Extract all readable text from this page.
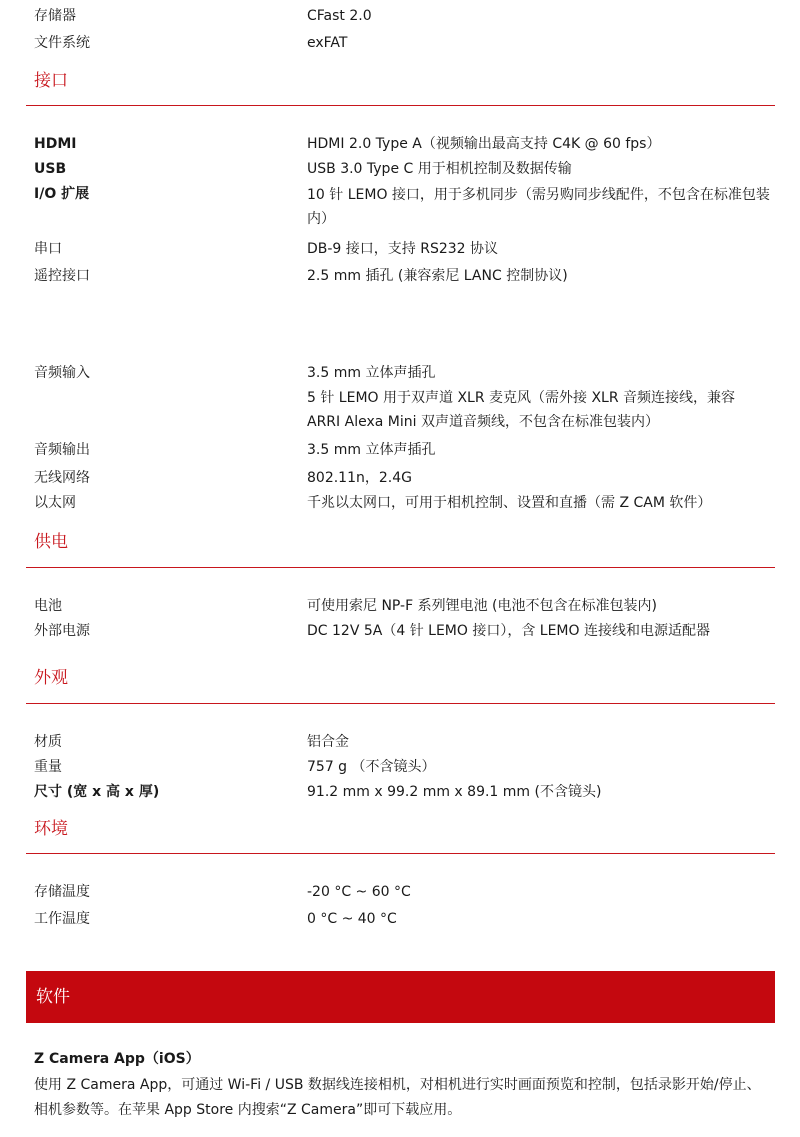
存储器	CFast 2.0
文件系统	exFAT
接口
HDMI	HDMI 2.0 Type A（视频输出最高支持 C4K @ 60 fps）
USB	USB 3.0 Type C 用于相机控制及数据传输
I/O 扩展	10 针 LEMO 接口，用于多机同步（需另购同步线配件，不包含在标准包装内）
串口	DB-9 接口，支持 RS232 协议
遥控接口	2.5 mm 插孔 (兼容索尼 LANC 控制协议)
音频输入	3.5 mm 立体声插孔
5 针 LEMO 用于双声道 XLR 麦克风（需外接 XLR 音频连接线，兼容 ARRI Alexa Mini 双声道音频线，不包含在标准包装内）
音频输出	3.5 mm 立体声插孔
无线网络	802.11n，2.4G
以太网	千兆以太网口，可用于相机控制、设置和直播（需 Z CAM 软件）
供电
电池	可使用索尼 NP-F 系列锂电池 (电池不包含在标准包装内)
外部电源	DC 12V 5A（4 针 LEMO 接口），含 LEMO 连接线和电源适配器
外观
材质	铝合金
重量	757 g （不含镜头）
尺寸 (宽 x 高 x 厚)	91.2 mm x 99.2 mm x 89.1 mm (不含镜头)
环境
存储温度	-20 °C ~ 60 °C
工作温度	0 °C ~ 40 °C
软件
Z Camera App（iOS）
使用 Z Camera App，可通过 Wi-Fi / USB 数据线连接相机，对相机进行实时画面预览和控制，包括录影开始/停止、相机参数等。在苹果 App Store 内搜索“Z Camera”即可下载应用。
